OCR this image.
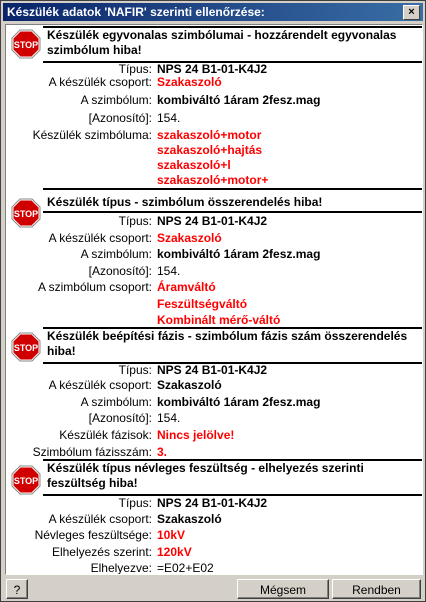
Készülék adatok 'NAFIR' szerinti ellenőrzése:	×
STOP
Készülék egyvonalas szimbólumai - hozzárendelt egyvonalas szimbólum hiba!
Típus: NPS 24 B1-01-K4J2
A készülék csoport: Szakaszoló
A szimbólum: kombiváltó 1áram 2fesz.mag
[Azonosító]: 154.
Készülék szimbóluma: szakaszoló+motor
szakaszoló+hajtás
szakaszoló+l
szakaszoló+motor+
STOP
Készülék típus - szimbólum összerendelés hiba!
Típus: NPS 24 B1-01-K4J2
A készülék csoport: Szakaszoló
A szimbólum: kombiváltó 1áram 2fesz.mag
[Azonosító]: 154.
A szimbólum csoport: Áramváltó
Feszültségváltó
Kombinált mérő-váltó
STOP
Készülék beépítési fázis - szimbólum fázis szám összerendelés hiba!
Típus: NPS 24 B1-01-K4J2
A készülék csoport: Szakaszoló
A szimbólum: kombiváltó 1áram 2fesz.mag
[Azonosító]: 154.
Készülék fázisok: Nincs jelölve!
Szimbólum fázisszám: 3.
STOP
Készülék típus névleges feszültség - elhelyezés szerinti feszültség hiba!
Típus: NPS 24 B1-01-K4J2
A készülék csoport: Szakaszoló
Névleges feszültsége: 10kV
Elhelyezés szerint: 120kV
Elhelyezve: =E02+E02
?	Mégsem	Rendben
